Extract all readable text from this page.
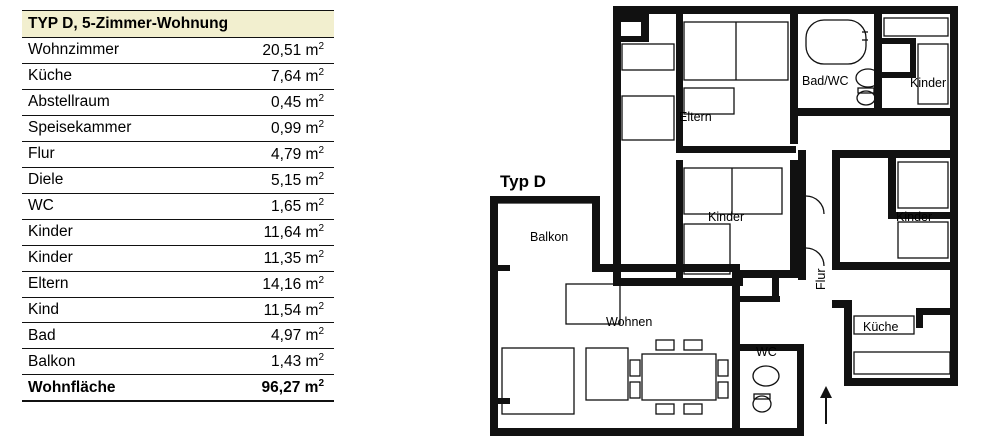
TYP D, 5-Zimmer-Wohnung	
Wohnzimmer	20,51 $m^2$
Küche	7,64 $m^2$
Abstellraum	0,45 $m^2$
Speisekammer	0,99 $m^2$
Flur	4,79 $m^2$
Diele	5,15 $m^2$
WC	1,65 $m^2$
Kinder	11,64 $m^2$
Kinder	11,35 $m^2$
Eltern	14,16 $m^2$
Kind	11,54 $m^2$
Bad	4,97 $m^2$
Balkon	1,43 $m^2$
Wohnfläche	96,27 $m^2$
Typ D
Eltern
Bad/WC	Kinder
Kinder	Kinder
Balkon
Wohnen
WC
Küche
Flur
